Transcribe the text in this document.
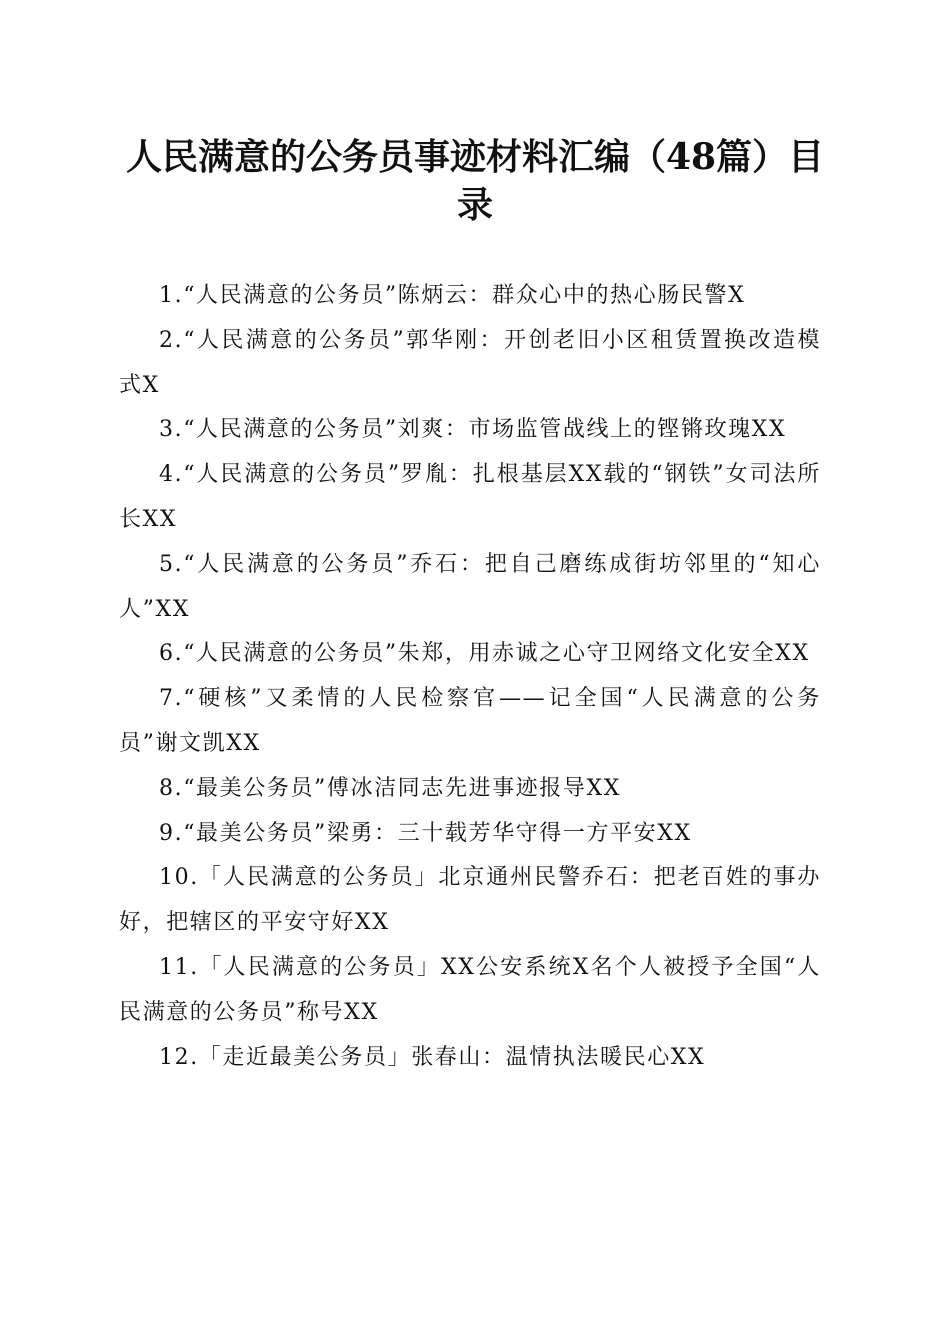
人民满意的公务员事迹材料汇编（48篇）目录
1.“人民满意的公务员”陈炳云：群众心中的热心肠民警X
2.“人民满意的公务员”郭华刚：开创老旧小区租赁置换改造模式X
3.“人民满意的公务员”刘爽：市场监管战线上的铿锵玫瑰XX
4.“人民满意的公务员”罗胤：扎根基层XX载的“钢铁”女司法所长XX
5.“人民满意的公务员”乔石：把自己磨练成街坊邻里的“知心人”XX
6.“人民满意的公务员”朱郑，用赤诚之心守卫网络文化安全XX
7.“硬核”又柔情的人民检察官——记全国“人民满意的公务员”谢文凯XX
8.“最美公务员”傅冰洁同志先进事迹报导XX
9.“最美公务员”梁勇：三十载芳华守得一方平安XX
10.「人民满意的公务员」北京通州民警乔石：把老百姓的事办好，把辖区的平安守好XX
11.「人民满意的公务员」XX公安系统X名个人被授予全国“人民满意的公务员”称号XX
12.「走近最美公务员」张春山：温情执法暖民心XX
